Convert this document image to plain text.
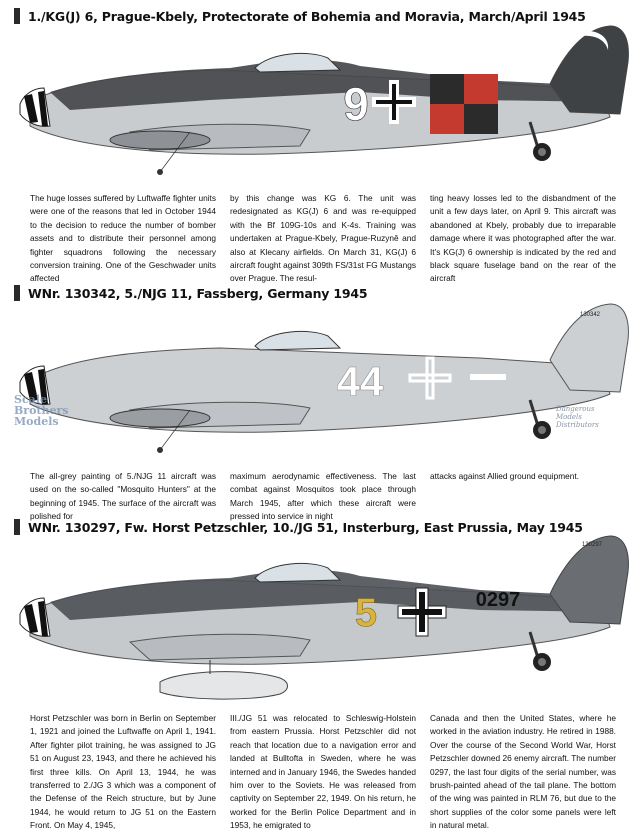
1./KG(J) 6, Prague-Kbely, Protectorate of Bohemia and Moravia, March/April 1945
9
The huge losses suffered by Luftwaffe fighter units were one of the reasons that led in October 1944 to the decision to reduce the number of bomber assets and to distribute their personnel among fighter squadrons following the necessary conversion training. One of the Geschwader units affected
by this change was KG 6. The unit was redesignated as KG(J) 6 and was re-equipped with the Bf 109G-10s and K-4s. Training was undertaken at Prague-Kbely, Prague-Ruzyně and also at Klecany airfields. On March 31, KG(J) 6 aircraft fought against 309th FS/31st FG Mustangs over Prague. The resul-
ting heavy losses led to the disbandment of the unit a few days later, on April 9. This aircraft was abandoned at Kbely, probably due to irreparable damage where it was photographed after the war. It's KG(J) 6 ownership is indicated by the red and black square fuselage band on the rear of the aircraft
WNr. 130342, 5./NJG 11, Fassberg, Germany 1945
44
130342
Scale
Brothers
Models
Dangerous
Models
Distributors
The all-grey painting of 5./NJG 11 aircraft was used on the so-called "Mosquito Hunters" at the beginning of 1945. The surface of the aircraft was polished for
maximum aerodynamic effectiveness. The last combat against Mosquitos took place through March 1945, after which these aircraft were pressed into service in night
attacks against Allied ground equipment.
WNr. 130297, Fw. Horst Petzschler, 10./JG 51, Insterburg, East Prussia, May 1945
5	0297
130297
Horst Petzschler was born in Berlin on September 1, 1921 and joined the Luftwaffe on April 1, 1941. After fighter pilot training, he was assigned to JG 51 on August 23, 1943, and there he achieved his first three kills. On April 13, 1944, he was transferred to 2./JG 3 which was a component of the Defense of the Reich structure, but by June 1944, he would return to JG 51 on the Eastern Front. On May 4, 1945,
III./JG 51 was relocated to Schleswig-Holstein from eastern Prussia. Horst Petzschler did not reach that location due to a navigation error and landed at Bulltofta in Sweden, where he was interned and in January 1946, the Swedes handed him over to the Soviets. He was released from captivity on September 22, 1949. On his return, he worked for the Berlin Police Department and in 1953, he emigrated to
Canada and then the United States, where he worked in the aviation industry. He retired in 1988. Over the course of the Second World War, Horst Petzschler downed 26 enemy aircraft. The number 0297, the last four digits of the serial number, was brush-painted ahead of the tail plane. The bottom of the wing was painted in RLM 76, but due to the short supplies of the color some panels were left in natural metal.
